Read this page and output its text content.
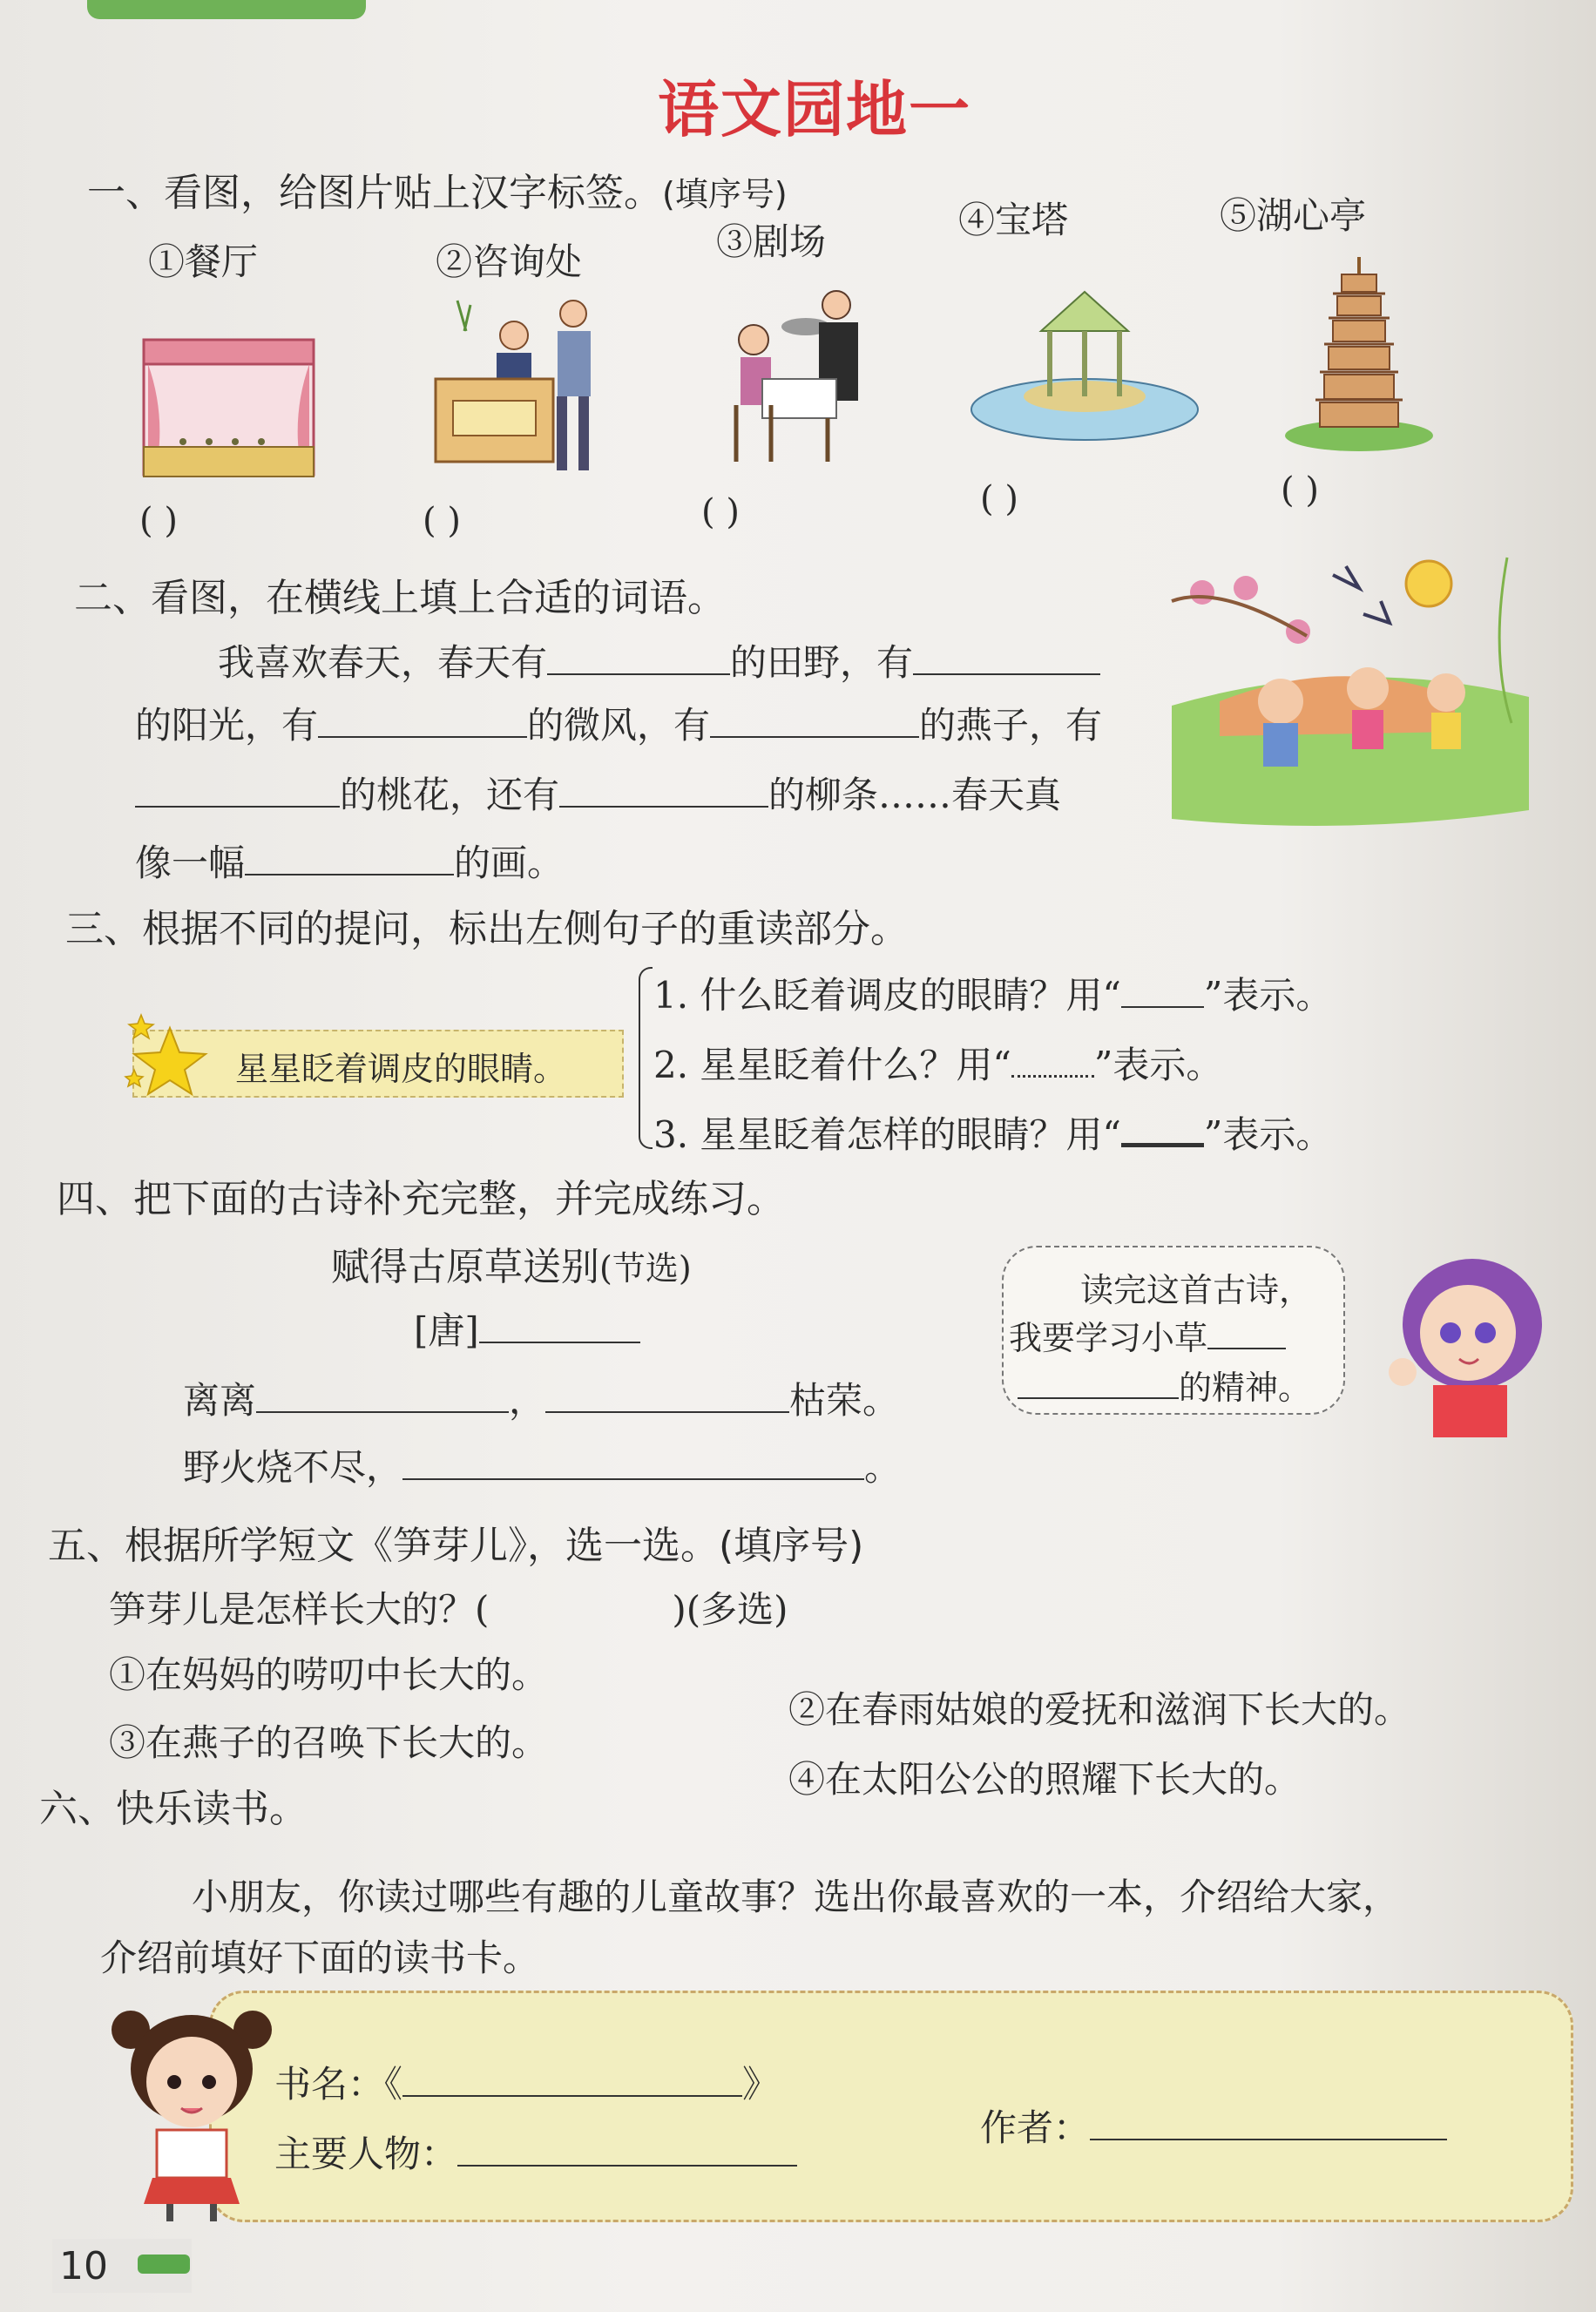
语文园地一
一、看图，给图片贴上汉字标签。(填序号)
①餐厅	②咨询处	③剧场
④宝塔	⑤湖心亭
( )	( )	( )	( )	( )
二、看图，在横线上填上合适的词语。
我喜欢春天，春天有	的田野，有
的阳光，有	的微风，有	的燕子，有
的桃花，还有	的柳条……春天真
像一幅	的画。
三、根据不同的提问，标出左侧句子的重读部分。
星星眨着调皮的眼睛。
1. 什么眨着调皮的眼睛？用“ ”表示。
2. 星星眨着什么？用“ ”表示。
3. 星星眨着怎样的眼睛？用“ ”表示。
四、把下面的古诗补充完整，并完成练习。
赋得古原草送别(节选)
[唐]
离离	，	枯荣。
野火烧不尽，	。
读完这首古诗，
我要学习小草
的精神。
五、根据所学短文《笋芽儿》，选一选。(填序号)
笋芽儿是怎样长大的？(	)(多选)
①在妈妈的唠叨中长大的。
②在春雨姑娘的爱抚和滋润下长大的。
③在燕子的召唤下长大的。
④在太阳公公的照耀下长大的。
六、快乐读书。
小朋友，你读过哪些有趣的儿童故事？选出你最喜欢的一本，介绍给大家，
介绍前填好下面的读书卡。
书名：《	》
作者：
主要人物：
10
